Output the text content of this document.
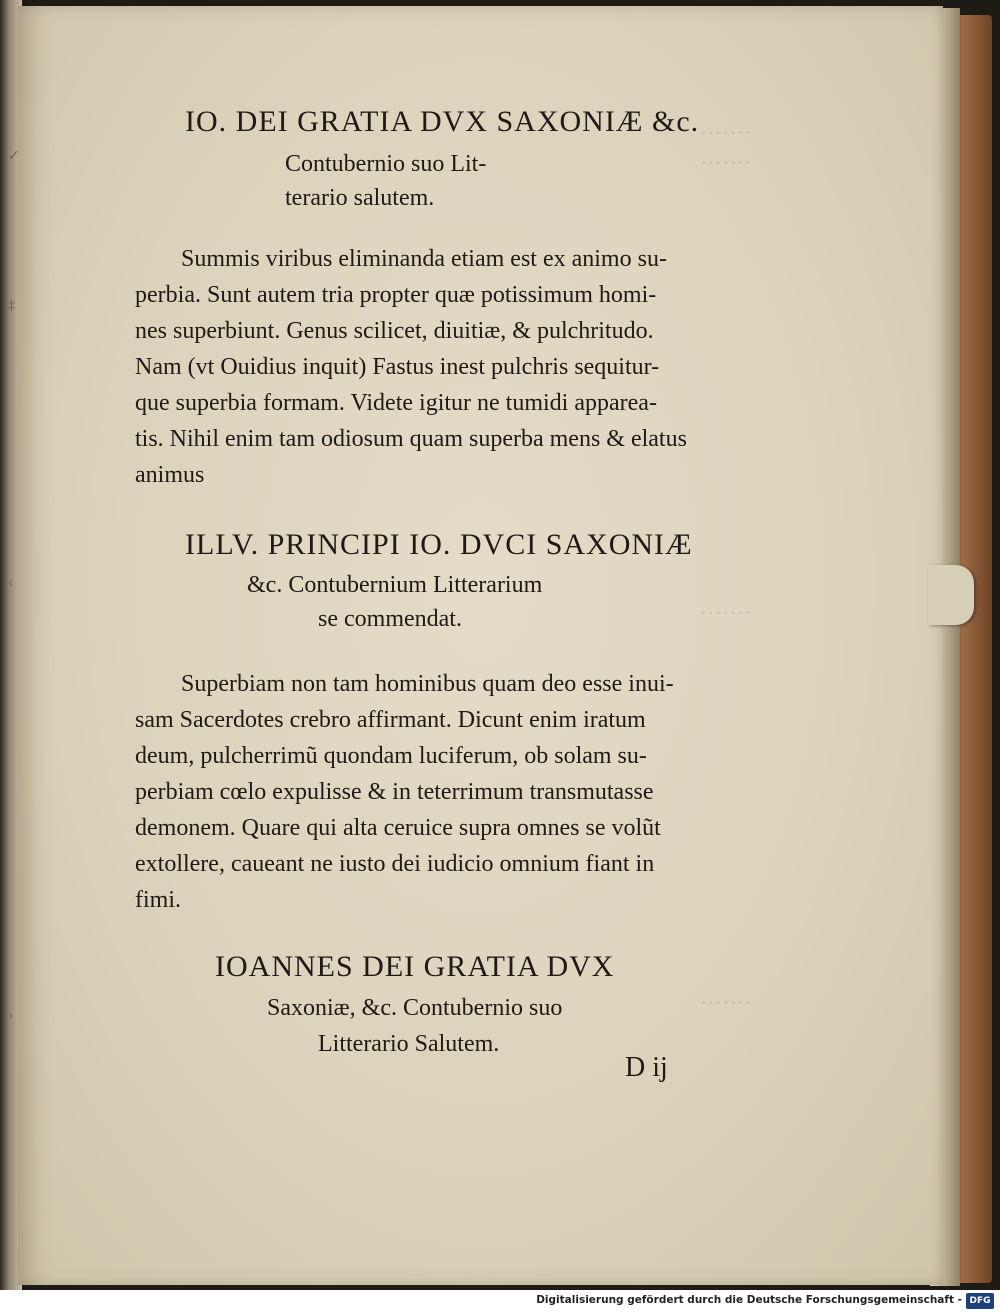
✓
‡
‹
›
·······
·······
·······
·······
IO. DEI GRATIA DVX SAXONIÆ &c.
Contubernio suo Lit-
terario salutem.
Summis viribus eliminanda etiam est ex animo su-
perbia. Sunt autem tria propter quæ potissimum homi-
nes superbiunt. Genus scilicet, diuitiæ, & pulchritudo.
Nam (vt Ouidius inquit) Fastus inest pulchris sequitur-
que superbia formam. Videte igitur ne tumidi apparea-
tis. Nihil enim tam odiosum quam superba mens & elatus
animus
ILLV. PRINCIPI IO. DVCI SAXONIÆ
&c. Contubernium Litterarium
se commendat.
Superbiam non tam hominibus quam deo esse inui-
sam Sacerdotes crebro affirmant. Dicunt enim iratum
deum, pulcherrimũ quondam luciferum, ob solam su-
perbiam cœlo expulisse & in teterrimum transmutasse
demonem. Quare qui alta ceruice supra omnes se volũt
extollere, caueant ne iusto dei iudicio omnium fiant in
fimi.
IOANNES DEI GRATIA DVX
Saxoniæ, &c. Contubernio suo
Litterario Salutem.
D ij
Digitalisierung gefördert durch die Deutsche Forschungsgemeinschaft - DFG
